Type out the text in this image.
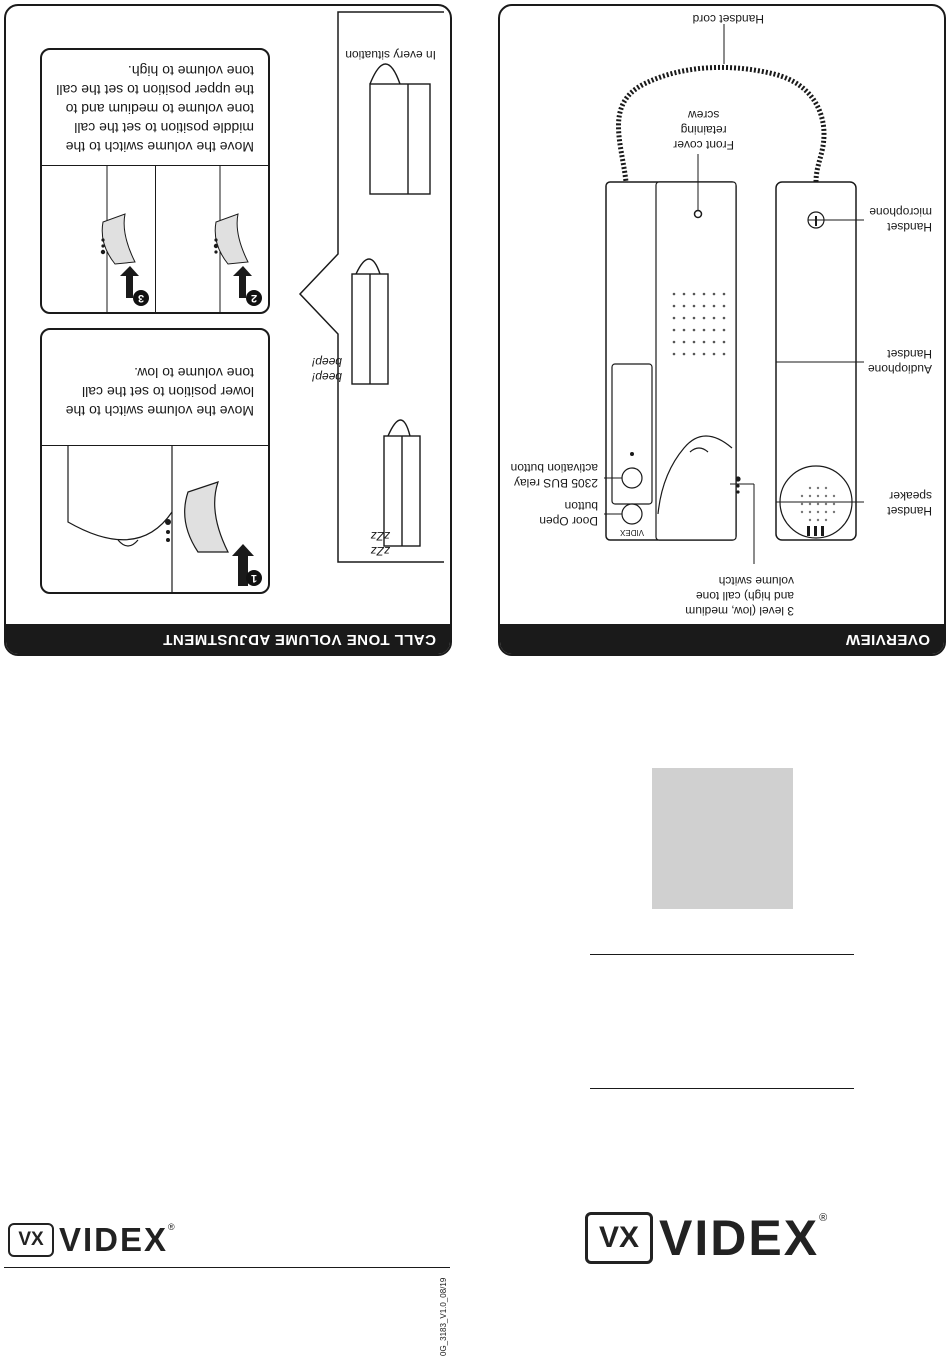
OVERVIEW
Handset
speaker
Audiophone
Handset
Handset
microphone
3 level (low, medium
and high) call tone
volume switch
Door Open
button
2305 BUS relay
activation button
Front cover
retaining
screw
Handset cord
VIDEX
CALL TONE VOLUME ADJUSTMENT
zZz
zZz
beep!
beep!
In every situation
1
Move the volume switch to the
lower position to set the call
tone volume to low.
2
3
Move the volume switch to the
middle position to set the call
tone volume to medium and to
the upper position to set the call
tone volume to high.
VX VIDEX ®
VX VIDEX ®
0G_3183_V1.0_08/19
